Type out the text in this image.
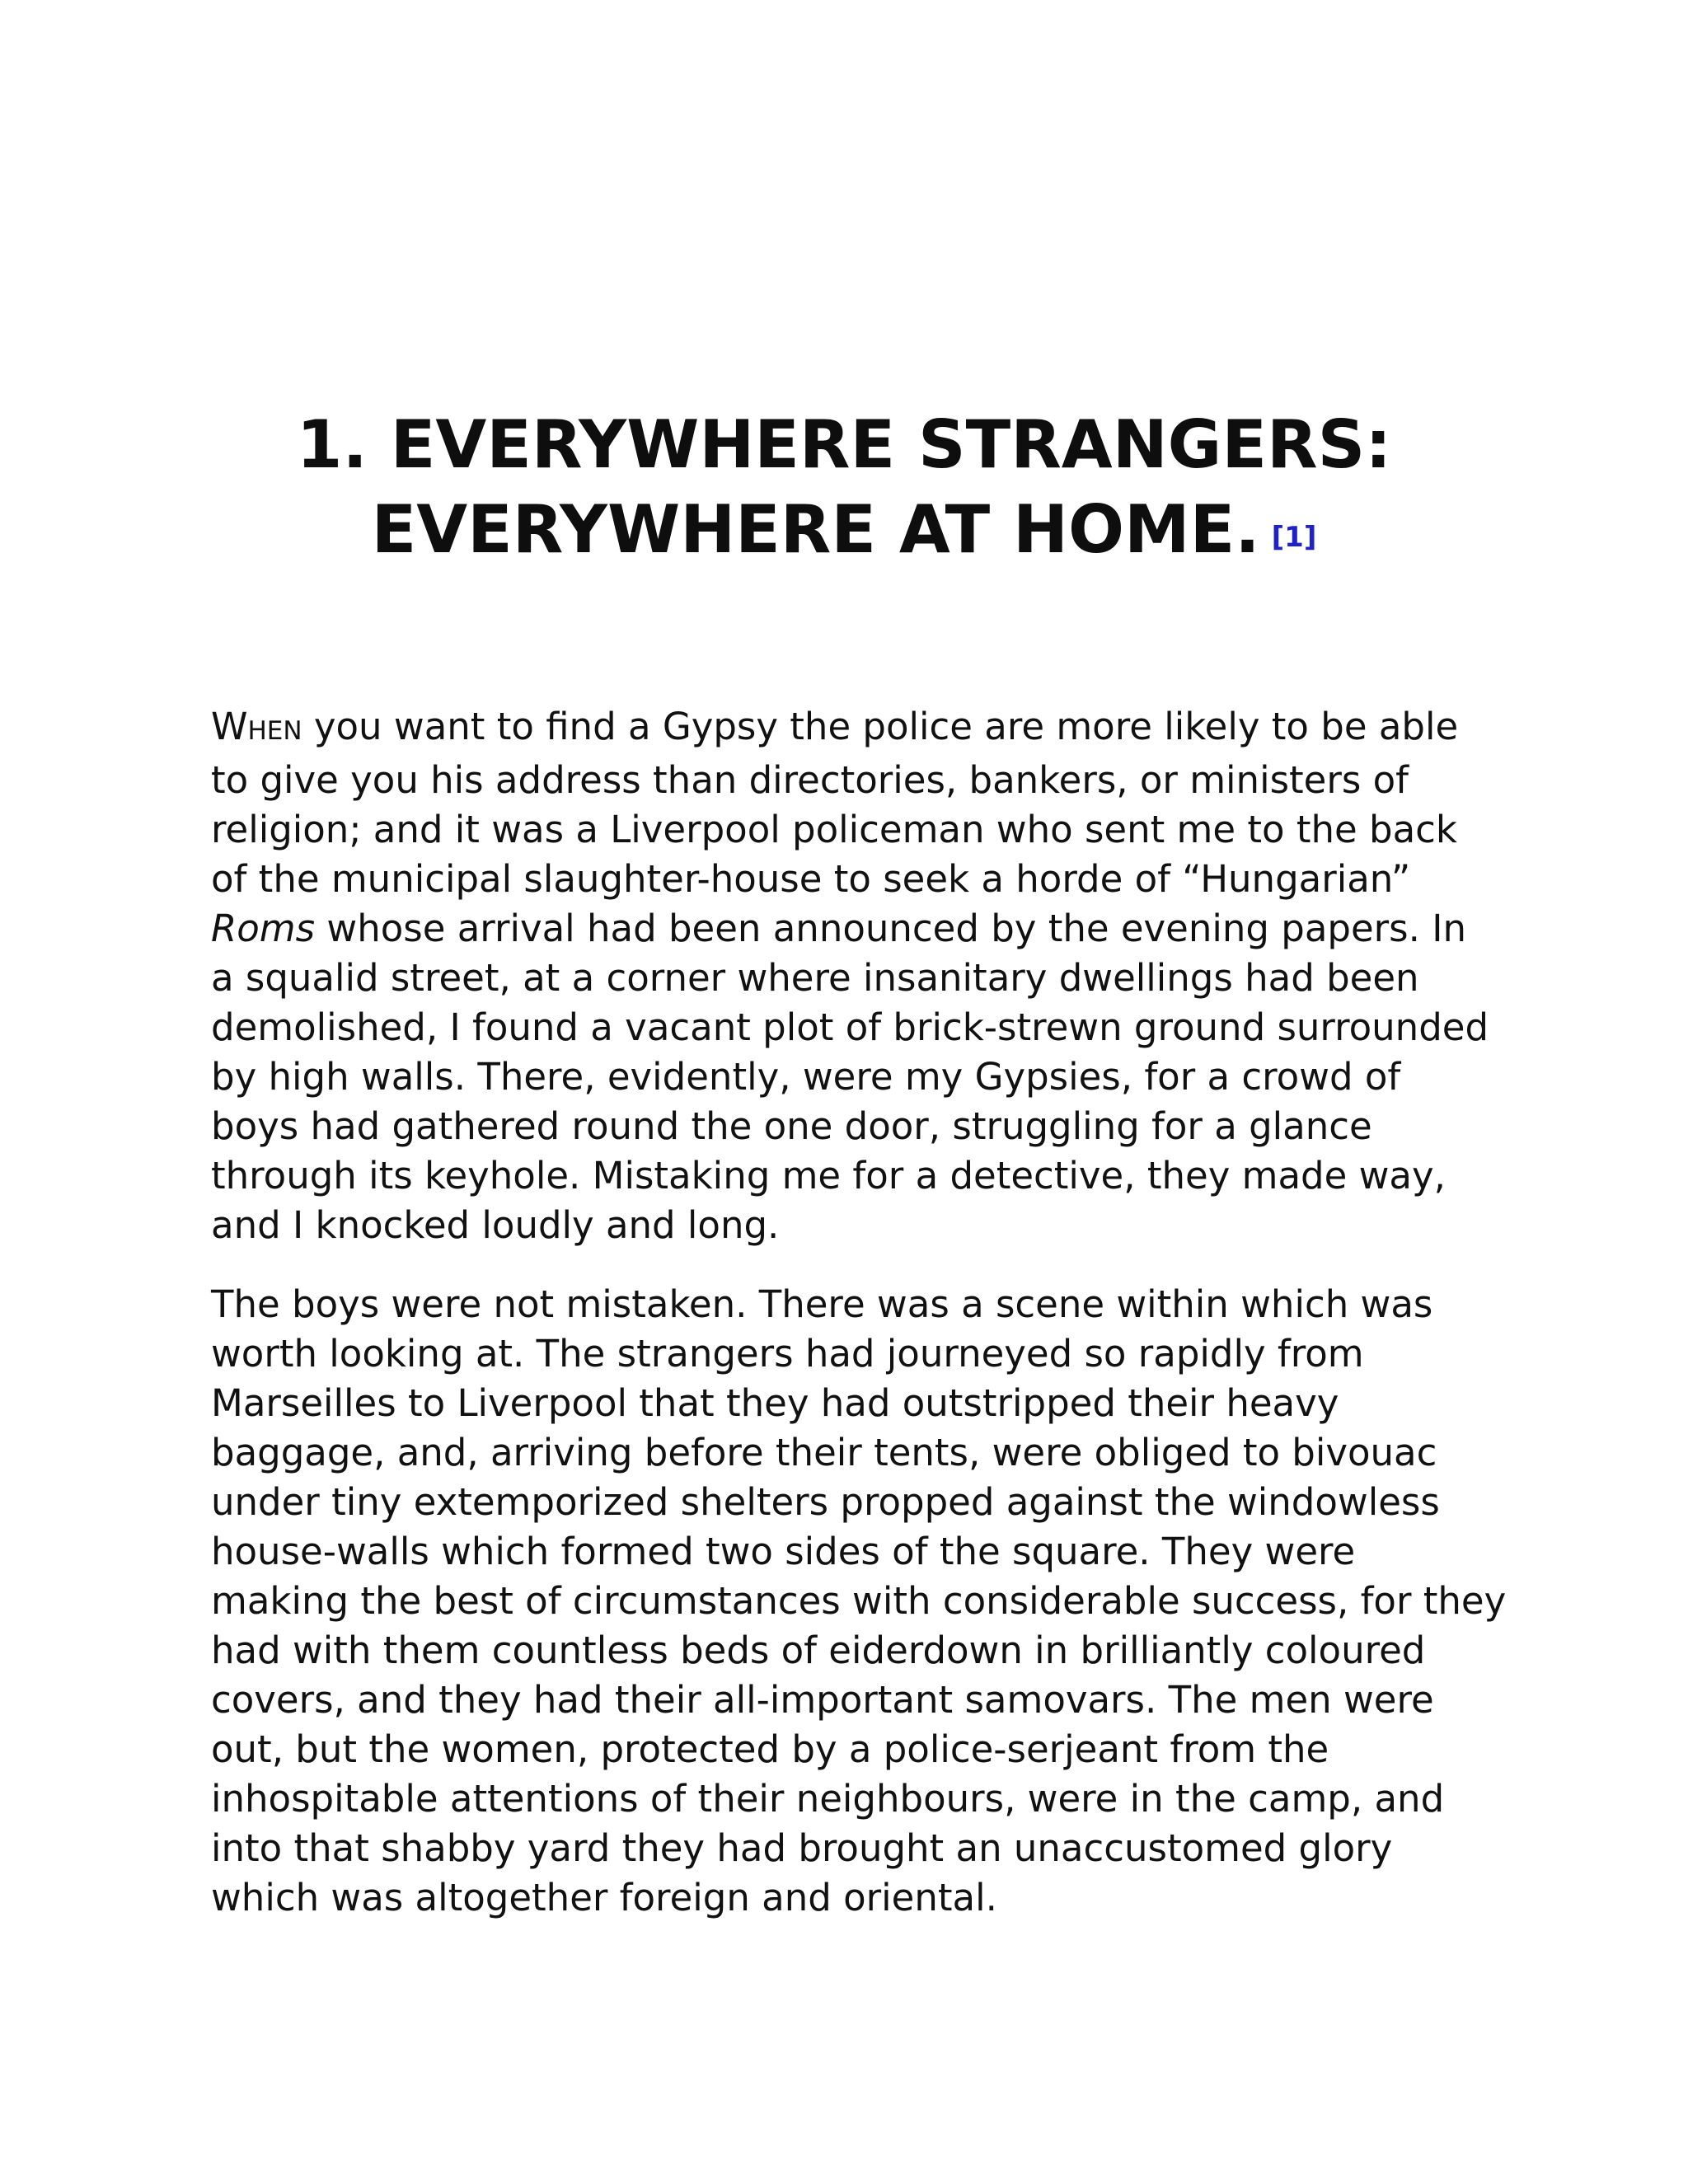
1. EVERYWHERE STRANGERS:
EVERYWHERE AT HOME. [1]

WHEN you want to find a Gypsy the police are more likely to be able
to give you his address than directories, bankers, or ministers of
religion; and it was a Liverpool policeman who sent me to the back
of the municipal slaughter-house to seek a horde of “Hungarian”
Roms whose arrival had been announced by the evening papers. In
a squalid street, at a corner where insanitary dwellings had been
demolished, I found a vacant plot of brick-strewn ground surrounded
by high walls. There, evidently, were my Gypsies, for a crowd of
boys had gathered round the one door, struggling for a glance
through its keyhole. Mistaking me for a detective, they made way,
and I knocked loudly and long.

The boys were not mistaken. There was a scene within which was
worth looking at. The strangers had journeyed so rapidly from
Marseilles to Liverpool that they had outstripped their heavy
baggage, and, arriving before their tents, were obliged to bivouac
under tiny extemporized shelters propped against the windowless
house-walls which formed two sides of the square. They were
making the best of circumstances with considerable success, for they
had with them countless beds of eiderdown in brilliantly coloured
covers, and they had their all-important samovars. The men were
out, but the women, protected by a police-serjeant from the
inhospitable attentions of their neighbours, were in the camp, and
into that shabby yard they had brought an unaccustomed glory
which was altogether foreign and oriental.
